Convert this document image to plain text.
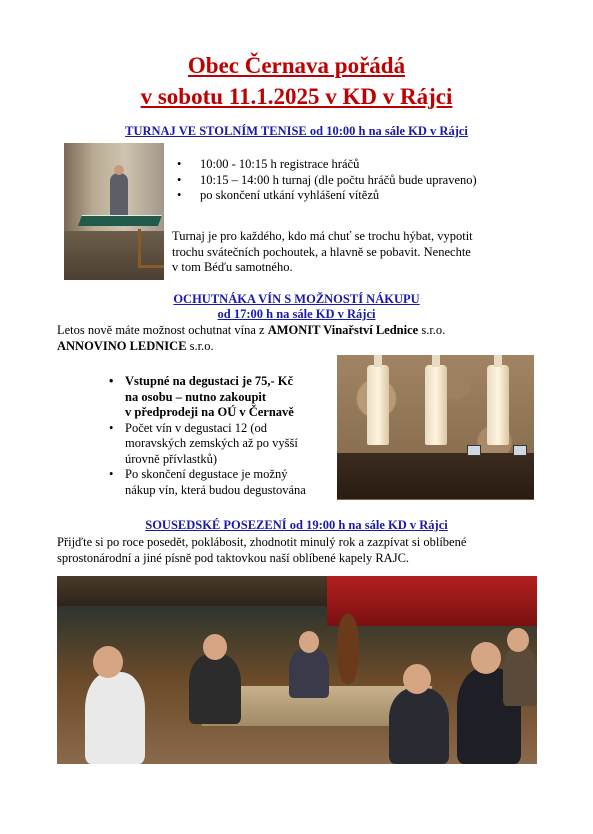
Obec Černava pořádá
v sobotu 11.1.2025 v KD v Rájci
TURNAJ VE STOLNÍM TENISE od 10:00 h na sále KD v Rájci
• 10:00 - 10:15 h registrace hráčů
• 10:15 – 14:00 h turnaj (dle počtu hráčů bude upraveno)
• po skončení utkání vyhlášení vítězů
Turnaj je pro každého, kdo má chuť se trochu hýbat, vypotit
trochu svátečních pochoutek, a hlavně se pobavit. Nenechte
v tom Béďu samotného.
OCHUTNÁKA VÍN S MOŽNOSTÍ NÁKUPU
od 17:00 h na sále KD v Rájci
Letos nově máte možnost ochutnat vína z AMONIT Vinařství Lednice s.r.o.
ANNOVINO LEDNICE s.r.o.
• Vstupné na degustaci je 75,- Kč
na osobu – nutno zakoupit
v předprodeji na OÚ v Černavě
• Počet vín v degustaci 12 (od
moravských zemských až po vyšší
úrovně přívlastků)
• Po skončení degustace je možný
nákup vín, která budou degustována
SOUSEDSKÉ POSEZENÍ od 19:00 h na sále KD v Rájci
Přijďte si po roce posedět, poklábosit, zhodnotit minulý rok a zazpívat si oblíbené
sprostonárodní a jiné písně pod taktovkou naší oblíbené kapely RAJC.
